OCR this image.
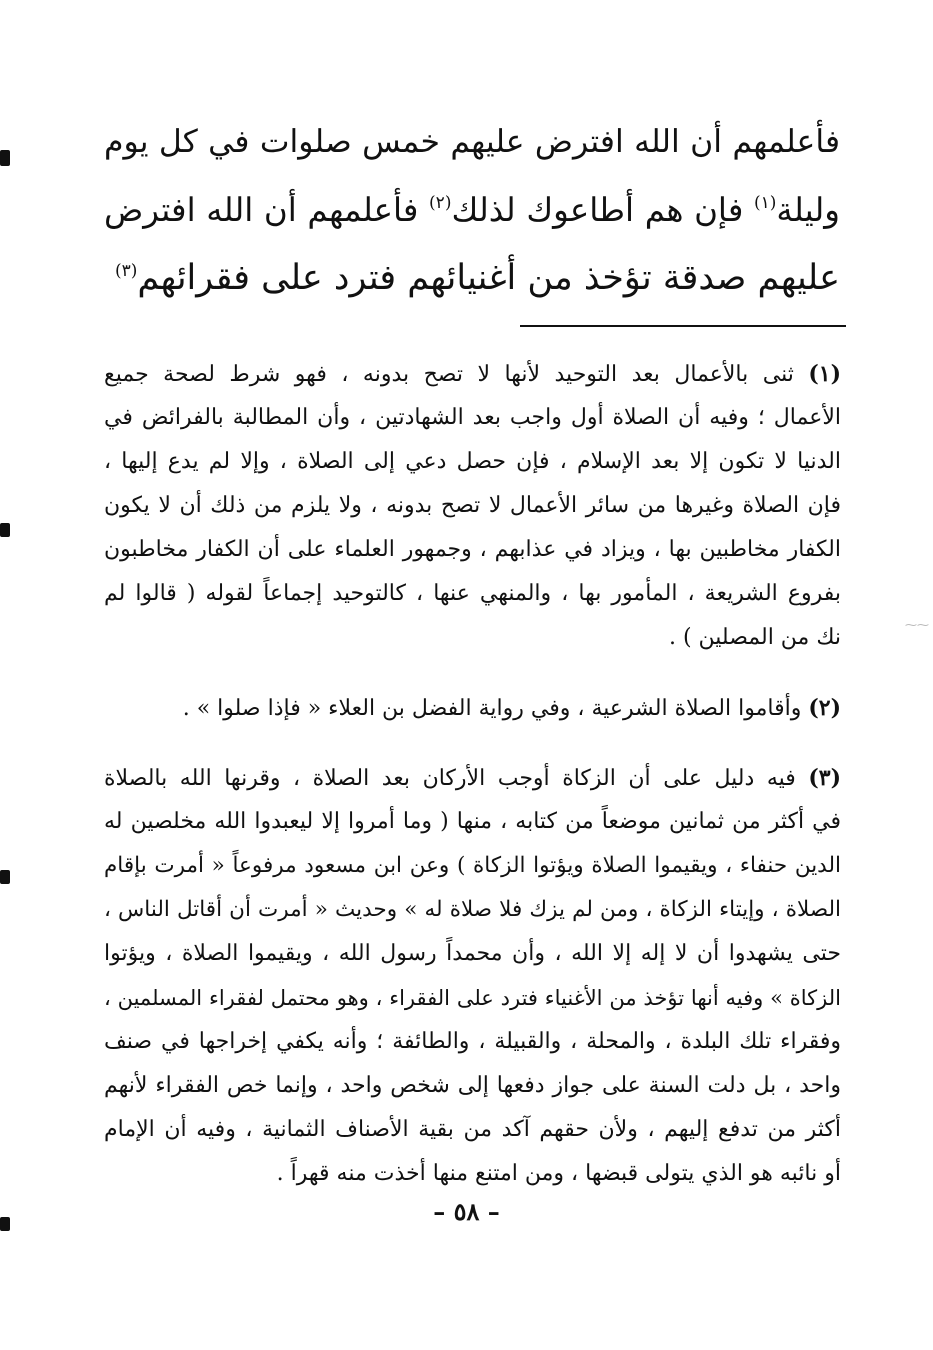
⁓⁓
فأعلمهم أن الله افترض عليهم خمس صلوات في كل يوم
وليلة$^{(١)}$ فإن هم أطاعوك لذلك$^{(٢)}$ فأعلمهم أن الله افترض
عليهم صدقة تؤخذ من أغنيائهم فترد على فقرائهم$^{(٣)}$
(١) ثنى بالأعمال بعد التوحيد لأنها لا تصح بدونه ، فهو شرط لصحة جميع
الأعمال ؛ وفيه أن الصلاة أول واجب بعد الشهادتين ، وأن المطالبة بالفرائض في
الدنيا لا تكون إلا بعد الإسلام ، فإن حصل دعي إلى الصلاة ، وإلا لم يدع إليها ،
فإن الصلاة وغيرها من سائر الأعمال لا تصح بدونه ، ولا يلزم من ذلك أن لا يكون
الكفار مخاطبين بها ، ويزاد في عذابهم ، وجمهور العلماء على أن الكفار مخاطبون
بفروع الشريعة ، المأمور بها ، والمنهي عنها ، كالتوحيد إجماعاً لقوله ( قالوا لم
نك من المصلين ) .
(٢) وأقاموا الصلاة الشرعية ، وفي رواية الفضل بن العلاء « فإذا صلوا » .
(٣) فيه دليل على أن الزكاة أوجب الأركان بعد الصلاة ، وقرنها الله بالصلاة
في أكثر من ثمانين موضعاً من كتابه ، منها ( وما أمروا إلا ليعبدوا الله مخلصين له
الدين حنفاء ، ويقيموا الصلاة ويؤتوا الزكاة ) وعن ابن مسعود مرفوعاً « أمرت بإقام
الصلاة ، وإيتاء الزكاة ، ومن لم يزك فلا صلاة له » وحديث « أمرت أن أقاتل الناس ،
حتى يشهدوا أن لا إله إلا الله ، وأن محمداً رسول الله ، ويقيموا الصلاة ، ويؤتوا
الزكاة » وفيه أنها تؤخذ من الأغنياء فترد على الفقراء ، وهو محتمل لفقراء المسلمين ،
وفقراء تلك البلدة ، والمحلة ، والقبيلة ، والطائفة ؛ وأنه يكفي إخراجها في صنف
واحد ، بل دلت السنة على جواز دفعها إلى شخص واحد ، وإنما خص الفقراء لأنهم
أكثر من تدفع إليهم ، ولأن حقهم آكد من بقية الأصناف الثمانية ، وفيه أن الإمام
أو نائبه هو الذي يتولى قبضها ، ومن امتنع منها أخذت منه قهراً .
– ٥٨ –
